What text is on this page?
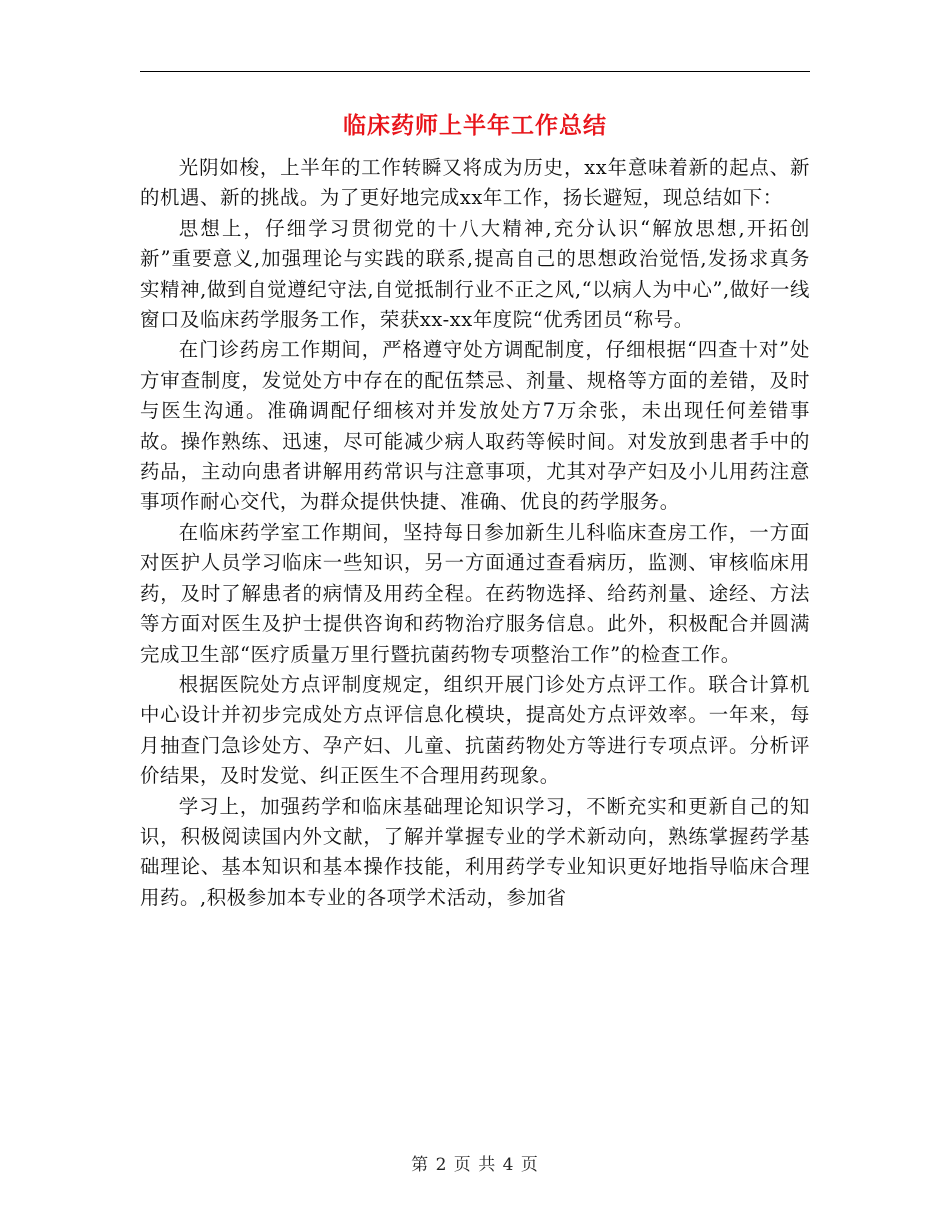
临床药师上半年工作总结

光阴如梭，上半年的工作转瞬又将成为历史，xx年意味着新的起点、新的机遇、新的挑战。为了更好地完成xx年工作，扬长避短，现总结如下：

思想上，仔细学习贯彻党的十八大精神,充分认识“解放思想,开拓创新”重要意义,加强理论与实践的联系,提高自己的思想政治觉悟,发扬求真务实精神,做到自觉遵纪守法,自觉抵制行业不正之风,“以病人为中心”,做好一线窗口及临床药学服务工作，荣获xx-xx年度院“优秀团员“称号。

在门诊药房工作期间，严格遵守处方调配制度，仔细根据“四查十对”处方审查制度，发觉处方中存在的配伍禁忌、剂量、规格等方面的差错，及时与医生沟通。准确调配仔细核对并发放处方7万余张，未出现任何差错事故。操作熟练、迅速，尽可能减少病人取药等候时间。对发放到患者手中的药品，主动向患者讲解用药常识与注意事项，尤其对孕产妇及小儿用药注意事项作耐心交代，为群众提供快捷、准确、优良的药学服务。

在临床药学室工作期间，坚持每日参加新生儿科临床查房工作，一方面对医护人员学习临床一些知识，另一方面通过查看病历，监测、审核临床用药，及时了解患者的病情及用药全程。在药物选择、给药剂量、途经、方法等方面对医生及护士提供咨询和药物治疗服务信息。此外，积极配合并圆满完成卫生部“医疗质量万里行暨抗菌药物专项整治工作”的检查工作。

根据医院处方点评制度规定，组织开展门诊处方点评工作。联合计算机中心设计并初步完成处方点评信息化模块，提高处方点评效率。一年来，每月抽查门急诊处方、孕产妇、儿童、抗菌药物处方等进行专项点评。分析评价结果，及时发觉、纠正医生不合理用药现象。

学习上，加强药学和临床基础理论知识学习，不断充实和更新自己的知识，积极阅读国内外文献，了解并掌握专业的学术新动向，熟练掌握药学基础理论、基本知识和基本操作技能，利用药学专业知识更好地指导临床合理用药。,积极参加本专业的各项学术活动，参加省

第 2 页 共 4 页
